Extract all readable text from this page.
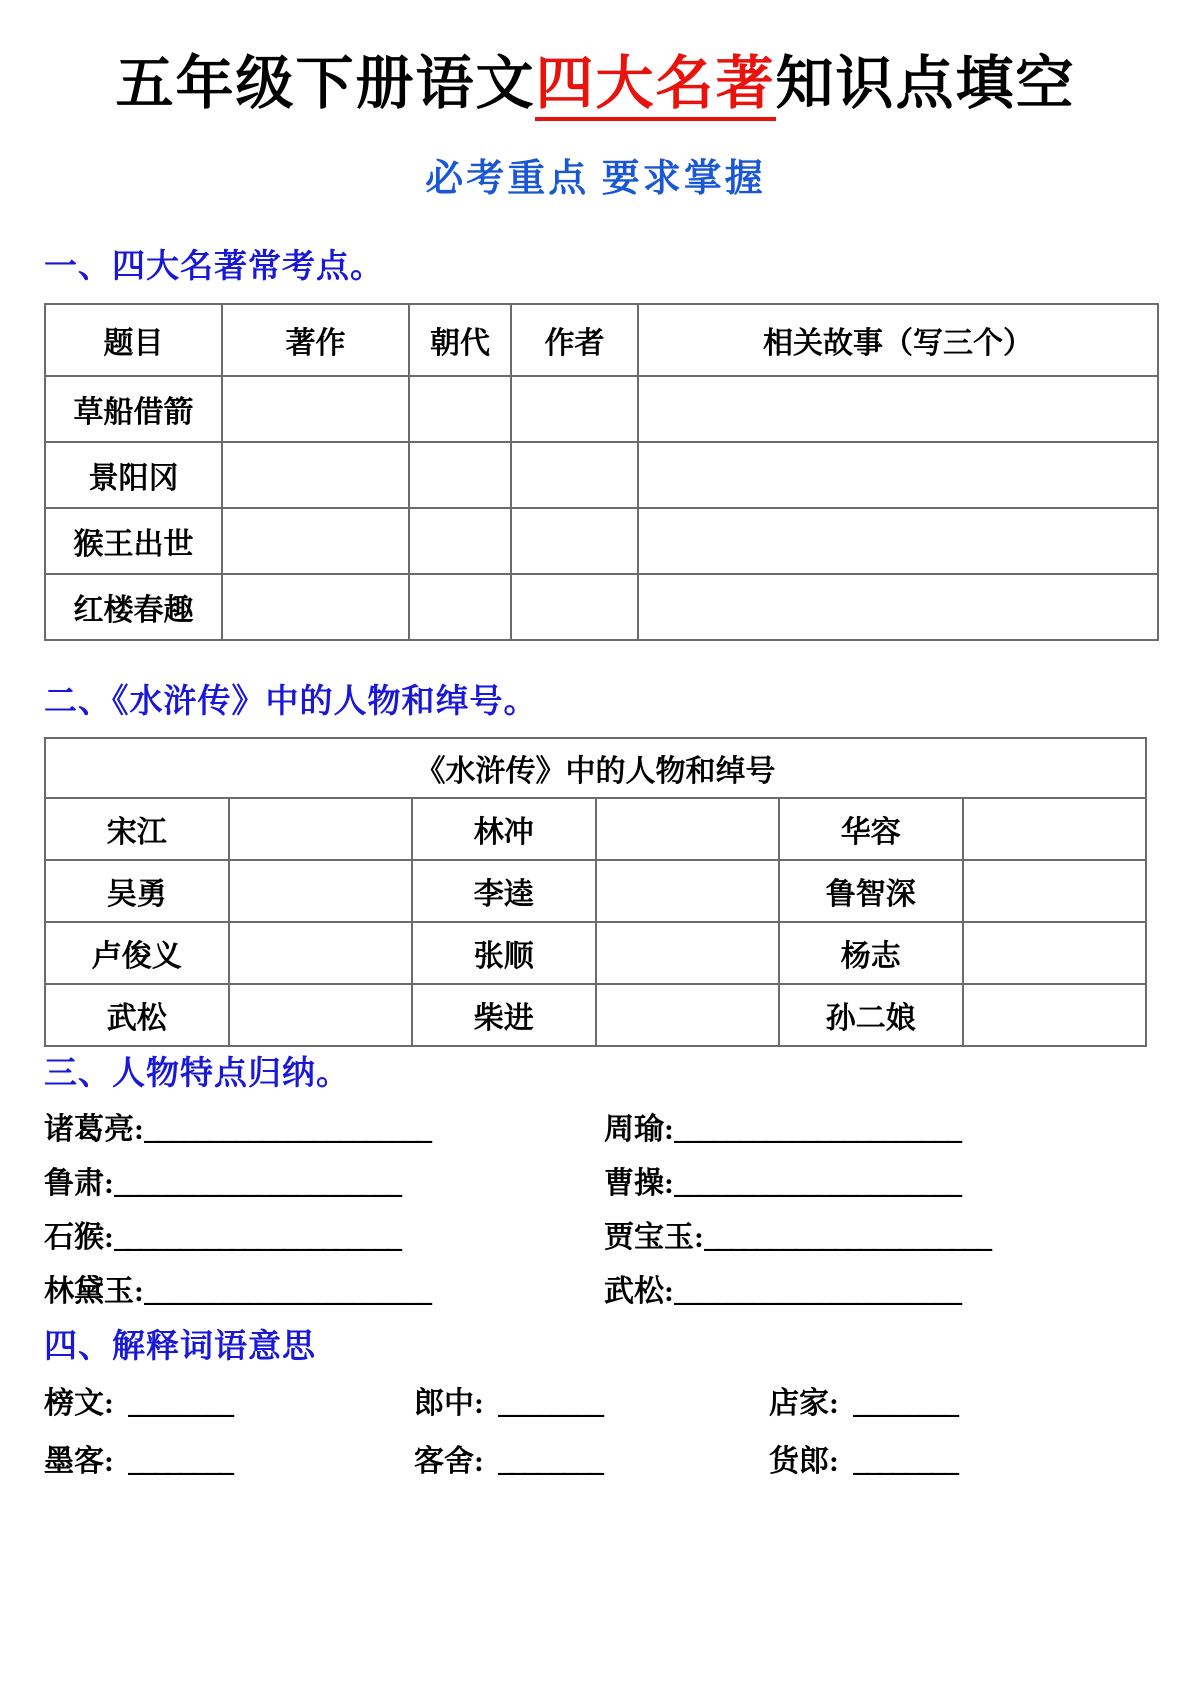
五年级下册语文四大名著知识点填空
必考重点 要求掌握
一、四大名著常考点。
题目	著作	朝代	作者	相关故事（写三个）
草船借箭				
景阳冈				
猴王出世				
红楼春趣				
二、《水浒传》中的人物和绰号。
《水浒传》中的人物和绰号					
宋江		林冲		华容	
吴勇		李逵		鲁智深	
卢俊义		张顺		杨志	
武松		柴进		孙二娘	
三、人物特点归纳。
诸葛亮: ______________________	周瑜: ______________________
鲁肃: ______________________	曹操: ______________________
石猴: ______________________	贾宝玉: ______________________
林黛玉: ______________________	武松: ______________________
四、解释词语意思
榜文: ________	郎中: ________	店家: ________
墨客: ________	客舍: ________	货郎: ________
